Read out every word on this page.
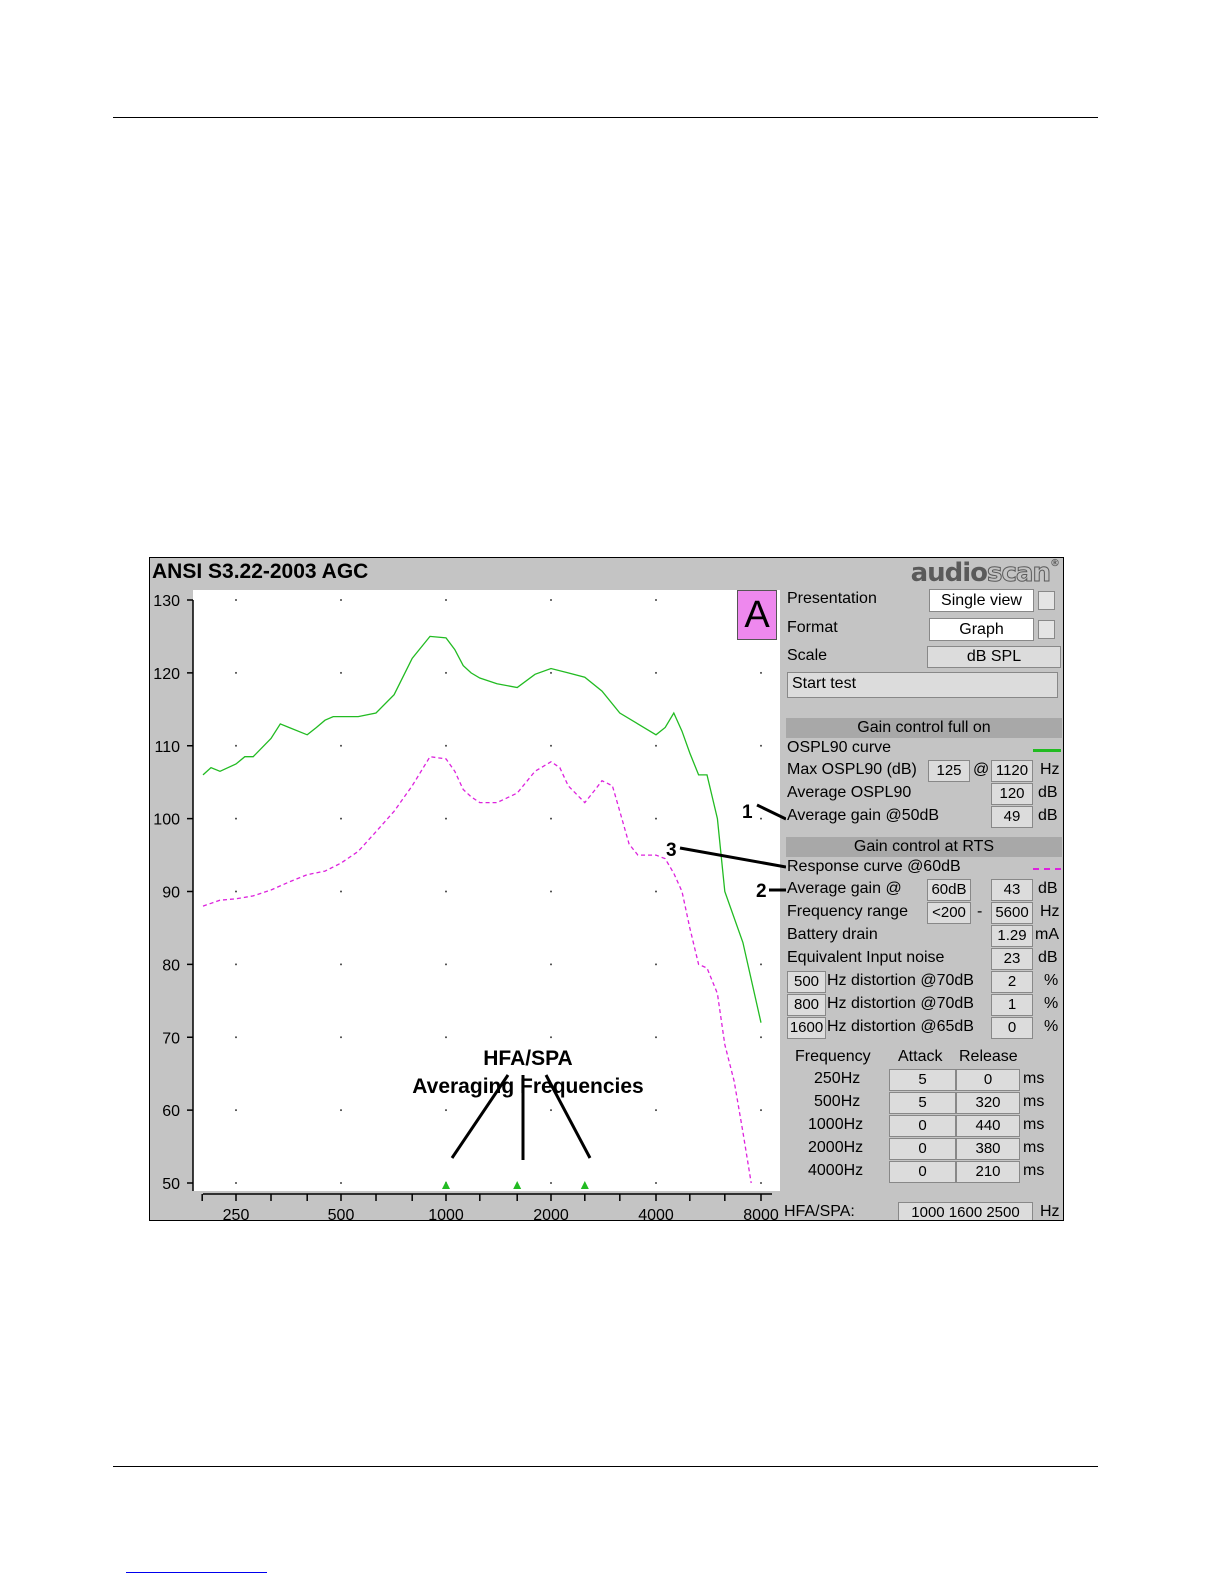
ANSI S3.22-2003 AGC	audioscan®
130
120
110
100
90
80
70
60
50
250	500	1000	2000	4000	8000
1
3
2
HFA/SPA
Averaging Frequencies
A	Presentation	Single view
Format	Graph
Scale	dB SPL
Start test
Gain control full on
OSPL90 curve
Max OSPL90 (dB)	125 @ 1120 Hz
Average OSPL90	120 dB
Average gain @50dB	49	dB
Gain control at RTS
Response curve @60dB
Average gain @ 60dB	43	dB
Frequency range	<200 - 5600 Hz
Battery drain	1.29 mA
Equivalent Input noise	23	dB
500 Hz distortion @70dB	2	%
800 Hz distortion @70dB	1	%
1600 Hz distortion @65dB	0	%
Frequency Attack Release
250Hz	5	0	ms
500Hz	5	320	ms
1000Hz	0	440	ms
2000Hz	0	380	ms
4000Hz	0	210	ms
HFA/SPA:	1000 1600 2500	Hz
